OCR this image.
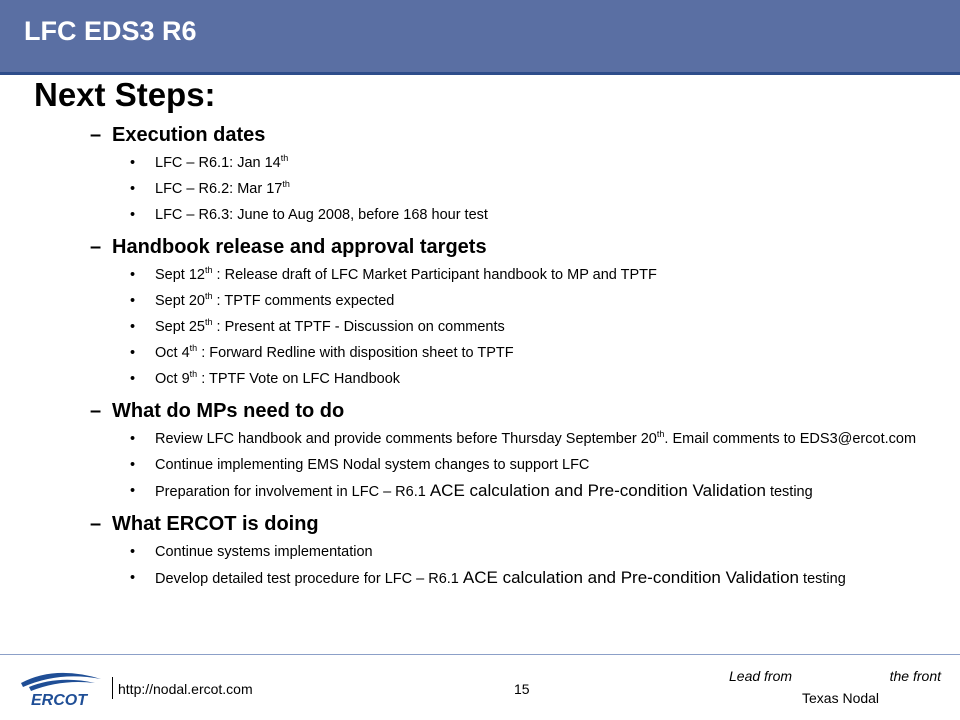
LFC EDS3 R6
Next Steps:
– Execution dates
• LFC – R6.1: Jan 14th
• LFC – R6.2: Mar 17th
• LFC – R6.3: June to Aug 2008, before 168 hour test
– Handbook release and approval targets
• Sept 12th : Release draft of LFC Market Participant handbook to MP and TPTF
• Sept 20th : TPTF comments expected
• Sept 25th : Present at TPTF - Discussion on comments
• Oct 4th : Forward Redline with disposition sheet to TPTF
• Oct 9th : TPTF Vote on LFC Handbook
– What do MPs need to do
• Review LFC handbook and provide comments before Thursday September 20th. Email comments to EDS3@ercot.com
• Continue implementing EMS Nodal system changes to support LFC
• Preparation for involvement in LFC – R6.1 ACE calculation and Pre-condition Validation testing
– What ERCOT is doing
• Continue systems implementation
• Develop detailed test procedure for LFC – R6.1 ACE calculation and Pre-condition Validation testing
ERCOT
http://nodal.ercot.com	15
Lead from	the front
Texas Nodal
